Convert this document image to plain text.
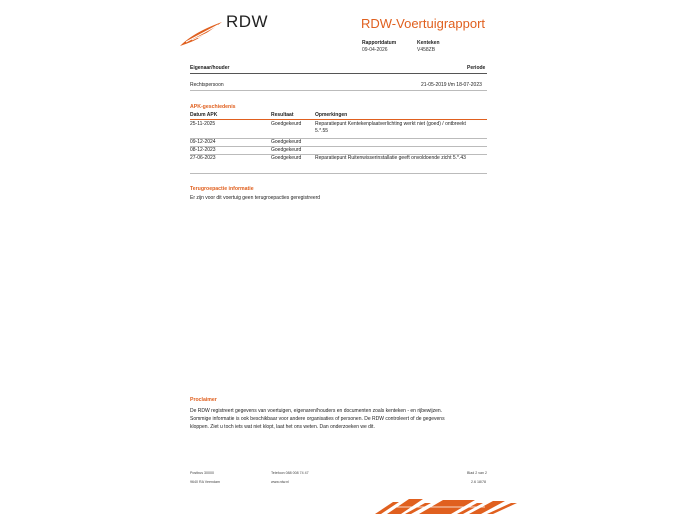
RDW	RDW-Voertuigrapport
Rapportdatum
09-04-2026
Kenteken
V458ZB
Eigenaar/houder	Periode
Rechtspersoon	21-05-2019 t/m 18-07-2023
APK-geschiedenis
Datum APK	Resultaat	Opmerkingen
25-11-2025	Goedgekeurd	Reparatiepunt Kentekenplaatverlichting werkt niet (goed) / ontbreekt 5.*.55
09-12-2024	Goedgekeurd
08-12-2023	Goedgekeurd
27-06-2023	Goedgekeurd	Reparatiepunt Ruitenwisserinstallatie geeft onvoldoende zicht 5.*.43
Terugroepactie informatie
Er zijn voor dit voertuig geen terugroepacties geregistreerd
Proclaimer
De RDW registreert gegevens van voertuigen, eigenaren/houders en documenten zoals kenteken - en rijbewijzen.
Sommige informatie is ook beschikbaar voor andere organisaties of personen. De RDW controleert of de gegevens
kloppen. Ziet u toch iets wat niet klopt, laat het ons weten. Dan onderzoeken we dit.
Postbus 30000
9640 RA Veendam
Telefoon 088 008 74 47
www.rdw.nl
Blad 2 van 2
2.6 18/78
